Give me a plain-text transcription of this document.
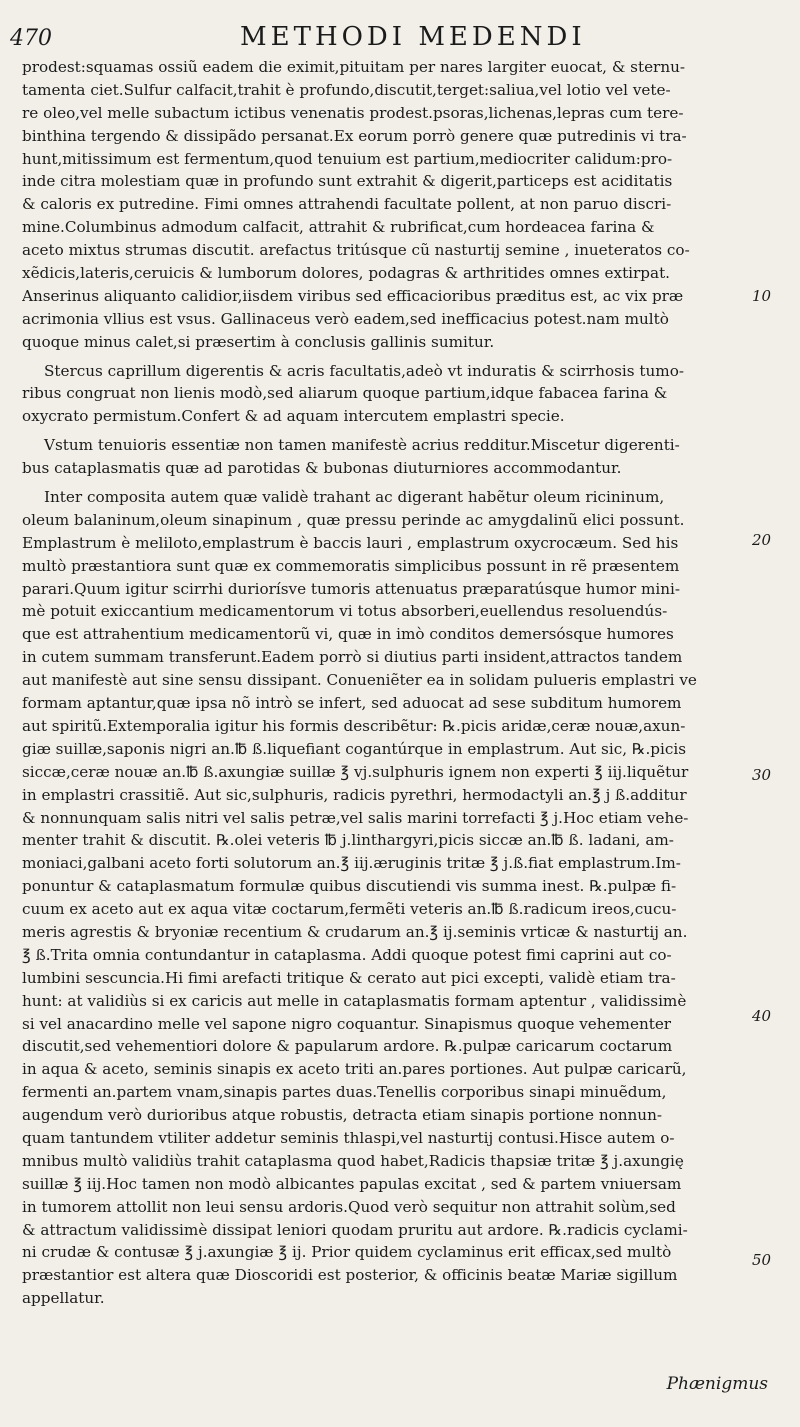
470	METHODI MEDENDI
prodest:squamas ossiũ eadem die eximit,pituitam per nares largiter euocat, & sternu-
tamenta ciet.Sulfur calfacit,trahit è profundo,discutit,terget:saliua,vel lotio vel vete-
re oleo,vel melle subactum ictibus venenatis prodest.psoras,lichenas,lepras cum tere-
binthina tergendo & dissipãdo persanat.Ex eorum porrò genere quæ putredinis vi tra-
hunt,mitissimum est fermentum,quod tenuium est partium,mediocriter calidum:pro-
inde citra molestiam quæ in profundo sunt extrahit & digerit,particeps est aciditatis
& caloris ex putredine. Fimi omnes attrahendi facultate pollent, at non paruo discri-
mine.Columbinus admodum calfacit, attrahit & rubrificat,cum hordeacea farina &
aceto mixtus strumas discutit. arefactus tritúsque cũ nasturtij semine , inueteratos co-
xẽdicis,lateris,ceruicis & lumborum dolores, podagras & arthritides omnes extirpat.
Anserinus aliquanto calidior,iisdem viribus sed efficacioribus præditus est, ac vix præ
acrimonia vllius est vsus. Gallinaceus verò eadem,sed inefficacius potest.nam multò
quoque minus calet,si præsertim à conclusis gallinis sumitur.
Stercus caprillum digerentis & acris facultatis,adeò vt induratis & scirrhosis tumo-
ribus congruat non lienis modò,sed aliarum quoque partium,idque fabacea farina &
oxycrato permistum.Confert & ad aquam intercutem emplastri specie.
Vstum tenuioris essentiæ non tamen manifestè acrius redditur.Miscetur digerenti-
bus cataplasmatis quæ ad parotidas & bubonas diuturniores accommodantur.
Inter composita autem quæ validè trahant ac digerant habẽtur oleum ricininum,
oleum balaninum,oleum sinapinum , quæ pressu perinde ac amygdalinũ elici possunt.
Emplastrum è meliloto,emplastrum è baccis lauri , emplastrum oxycrocæum. Sed his
multò præstantiora sunt quæ ex commemoratis simplicibus possunt in rẽ præsentem
parari.Quum igitur scirrhi duriorísve tumoris attenuatus præparatúsque humor mini-
mè potuit exiccantium medicamentorum vi totus absorberi,euellendus resoluendús-
que est attrahentium medicamentorũ vi, quæ in imò conditos demersósque humores
in cutem summam transferunt.Eadem porrò si diutius parti insident,attractos tandem
aut manifestè aut sine sensu dissipant. Conueniẽter ea in solidam pulueris emplastri ve
formam aptantur,quæ ipsa nõ intrò se infert, sed aduocat ad sese subditum humorem
aut spiritũ.Extemporalia igitur his formis describẽtur: ℞.picis aridæ,ceræ nouæ,axun-
giæ suillæ,saponis nigri an.℔ ß.liquefiant cogantúrque in emplastrum. Aut sic, ℞.picis
siccæ,ceræ nouæ an.℔ ß.axungiæ suillæ ℥ vj.sulphuris ignem non experti ℥ iij.liquẽtur
in emplastri crassitiẽ. Aut sic,sulphuris, radicis pyrethri, hermodactyli an.℥ j ß.additur
& nonnunquam salis nitri vel salis petræ,vel salis marini torrefacti ℥ j.Hoc etiam vehe-
menter trahit & discutit. ℞.olei veteris ℔ j.linthargyri,picis siccæ an.℔ ß. ladani, am-
moniaci,galbani aceto forti solutorum an.℥ iij.æruginis tritæ ℥ j.ß.fiat emplastrum.Im-
ponuntur & cataplasmatum formulæ quibus discutiendi vis summa inest. ℞.pulpæ fi-
cuum ex aceto aut ex aqua vitæ coctarum,fermẽti veteris an.℔ ß.radicum ireos,cucu-
meris agrestis & bryoniæ recentium & crudarum an.℥ ij.seminis vrticæ & nasturtij an.
℥ ß.Trita omnia contundantur in cataplasma. Addi quoque potest fimi caprini aut co-
lumbini sescuncia.Hi fimi arefacti tritique & cerato aut pici excepti, validè etiam tra-
hunt: at validiùs si ex caricis aut melle in cataplasmatis formam aptentur , validissimè
si vel anacardino melle vel sapone nigro coquantur. Sinapismus quoque vehementer
discutit,sed vehementiori dolore & papularum ardore. ℞.pulpæ caricarum coctarum
in aqua & aceto, seminis sinapis ex aceto triti an.pares portiones. Aut pulpæ caricarũ,
fermenti an.partem vnam,sinapis partes duas.Tenellis corporibus sinapi minuẽdum,
augendum verò durioribus atque robustis, detracta etiam sinapis portione nonnun-
quam tantundem vtiliter addetur seminis thlaspi,vel nasturtij contusi.Hisce autem o-
mnibus multò validiùs trahit cataplasma quod habet,Radicis thapsiæ tritæ ℥ j.axungię
suillæ ℥ iij.Hoc tamen non modò albicantes papulas excitat , sed & partem vniuersam
in tumorem attollit non leui sensu ardoris.Quod verò sequitur non attrahit solùm,sed
& attractum validissimè dissipat leniori quodam pruritu aut ardore. ℞.radicis cyclami-
ni crudæ & contusæ ℥ j.axungiæ ℥ ij. Prior quidem cyclaminus erit efficax,sed multò
præstantior est altera quæ Dioscoridi est posterior, & officinis beatæ Mariæ sigillum
appellatur.
10
20
30
40
50
Phænigmus
